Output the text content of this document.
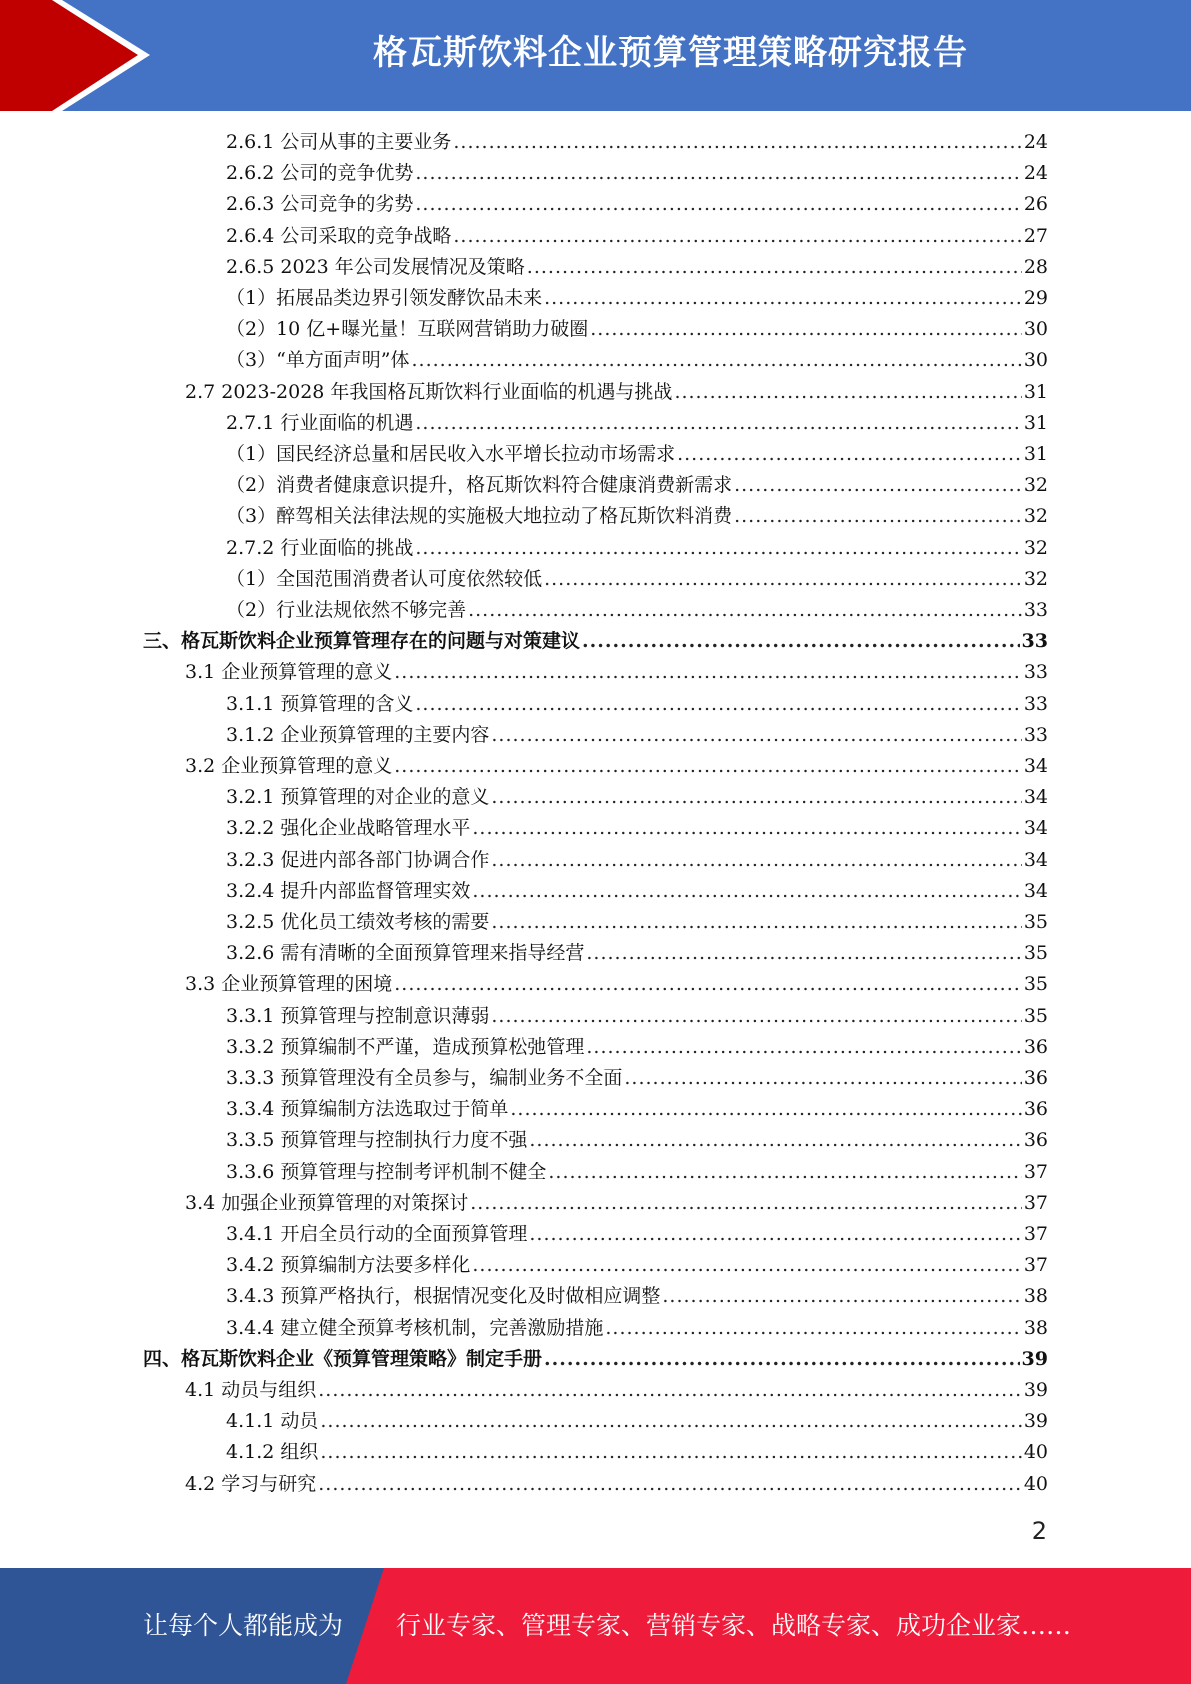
格瓦斯饮料企业预算管理策略研究报告
2.6.1 公司从事的主要业务 .....	24
2.6.2 公司的竞争优势 .....	24
2.6.3 公司竞争的劣势 .....	26
2.6.4 公司采取的竞争战略 .....	27
2.6.5 2023 年公司发展情况及策略 .....	28
（1）拓展品类边界引领发酵饮品未来 .....	29
（2）10 亿+曝光量！互联网营销助力破圈 .....	30
（3）“单方面声明”体 .....	30
2.7 2023-2028 年我国格瓦斯饮料行业面临的机遇与挑战 .....	31
2.7.1 行业面临的机遇 .....	31
（1）国民经济总量和居民收入水平增长拉动市场需求 .....	31
（2）消费者健康意识提升，格瓦斯饮料符合健康消费新需求 .....	32
（3）醉驾相关法律法规的实施极大地拉动了格瓦斯饮料消费 .....	32
2.7.2 行业面临的挑战 .....	32
（1）全国范围消费者认可度依然较低 .....	32
（2）行业法规依然不够完善 .....	33
三、格瓦斯饮料企业预算管理存在的问题与对策建议 .....	33
3.1 企业预算管理的意义 .....	33
3.1.1 预算管理的含义 .....	33
3.1.2 企业预算管理的主要内容 .....	33
3.2 企业预算管理的意义 .....	34
3.2.1 预算管理的对企业的意义 .....	34
3.2.2 强化企业战略管理水平 .....	34
3.2.3 促进内部各部门协调合作 .....	34
3.2.4 提升内部监督管理实效 .....	34
3.2.5 优化员工绩效考核的需要 .....	35
3.2.6 需有清晰的全面预算管理来指导经营 .....	35
3.3 企业预算管理的困境 .....	35
3.3.1 预算管理与控制意识薄弱 .....	35
3.3.2 预算编制不严谨，造成预算松弛管理 .....	36
3.3.3 预算管理没有全员参与，编制业务不全面 .....	36
3.3.4 预算编制方法选取过于简单 .....	36
3.3.5 预算管理与控制执行力度不强 .....	36
3.3.6 预算管理与控制考评机制不健全 .....	37
3.4 加强企业预算管理的对策探讨 .....	37
3.4.1 开启全员行动的全面预算管理 .....	37
3.4.2 预算编制方法要多样化 .....	37
3.4.3 预算严格执行，根据情况变化及时做相应调整 .....	38
3.4.4 建立健全预算考核机制，完善激励措施 .....	38
四、格瓦斯饮料企业《预算管理策略》制定手册 .....	39
4.1 动员与组织 .....	39
4.1.1 动员 .....	39
4.1.2 组织 .....	40
4.2 学习与研究 .....	40
2
让每个人都能成为 行业专家、管理专家、营销专家、战略专家、成功企业家……
